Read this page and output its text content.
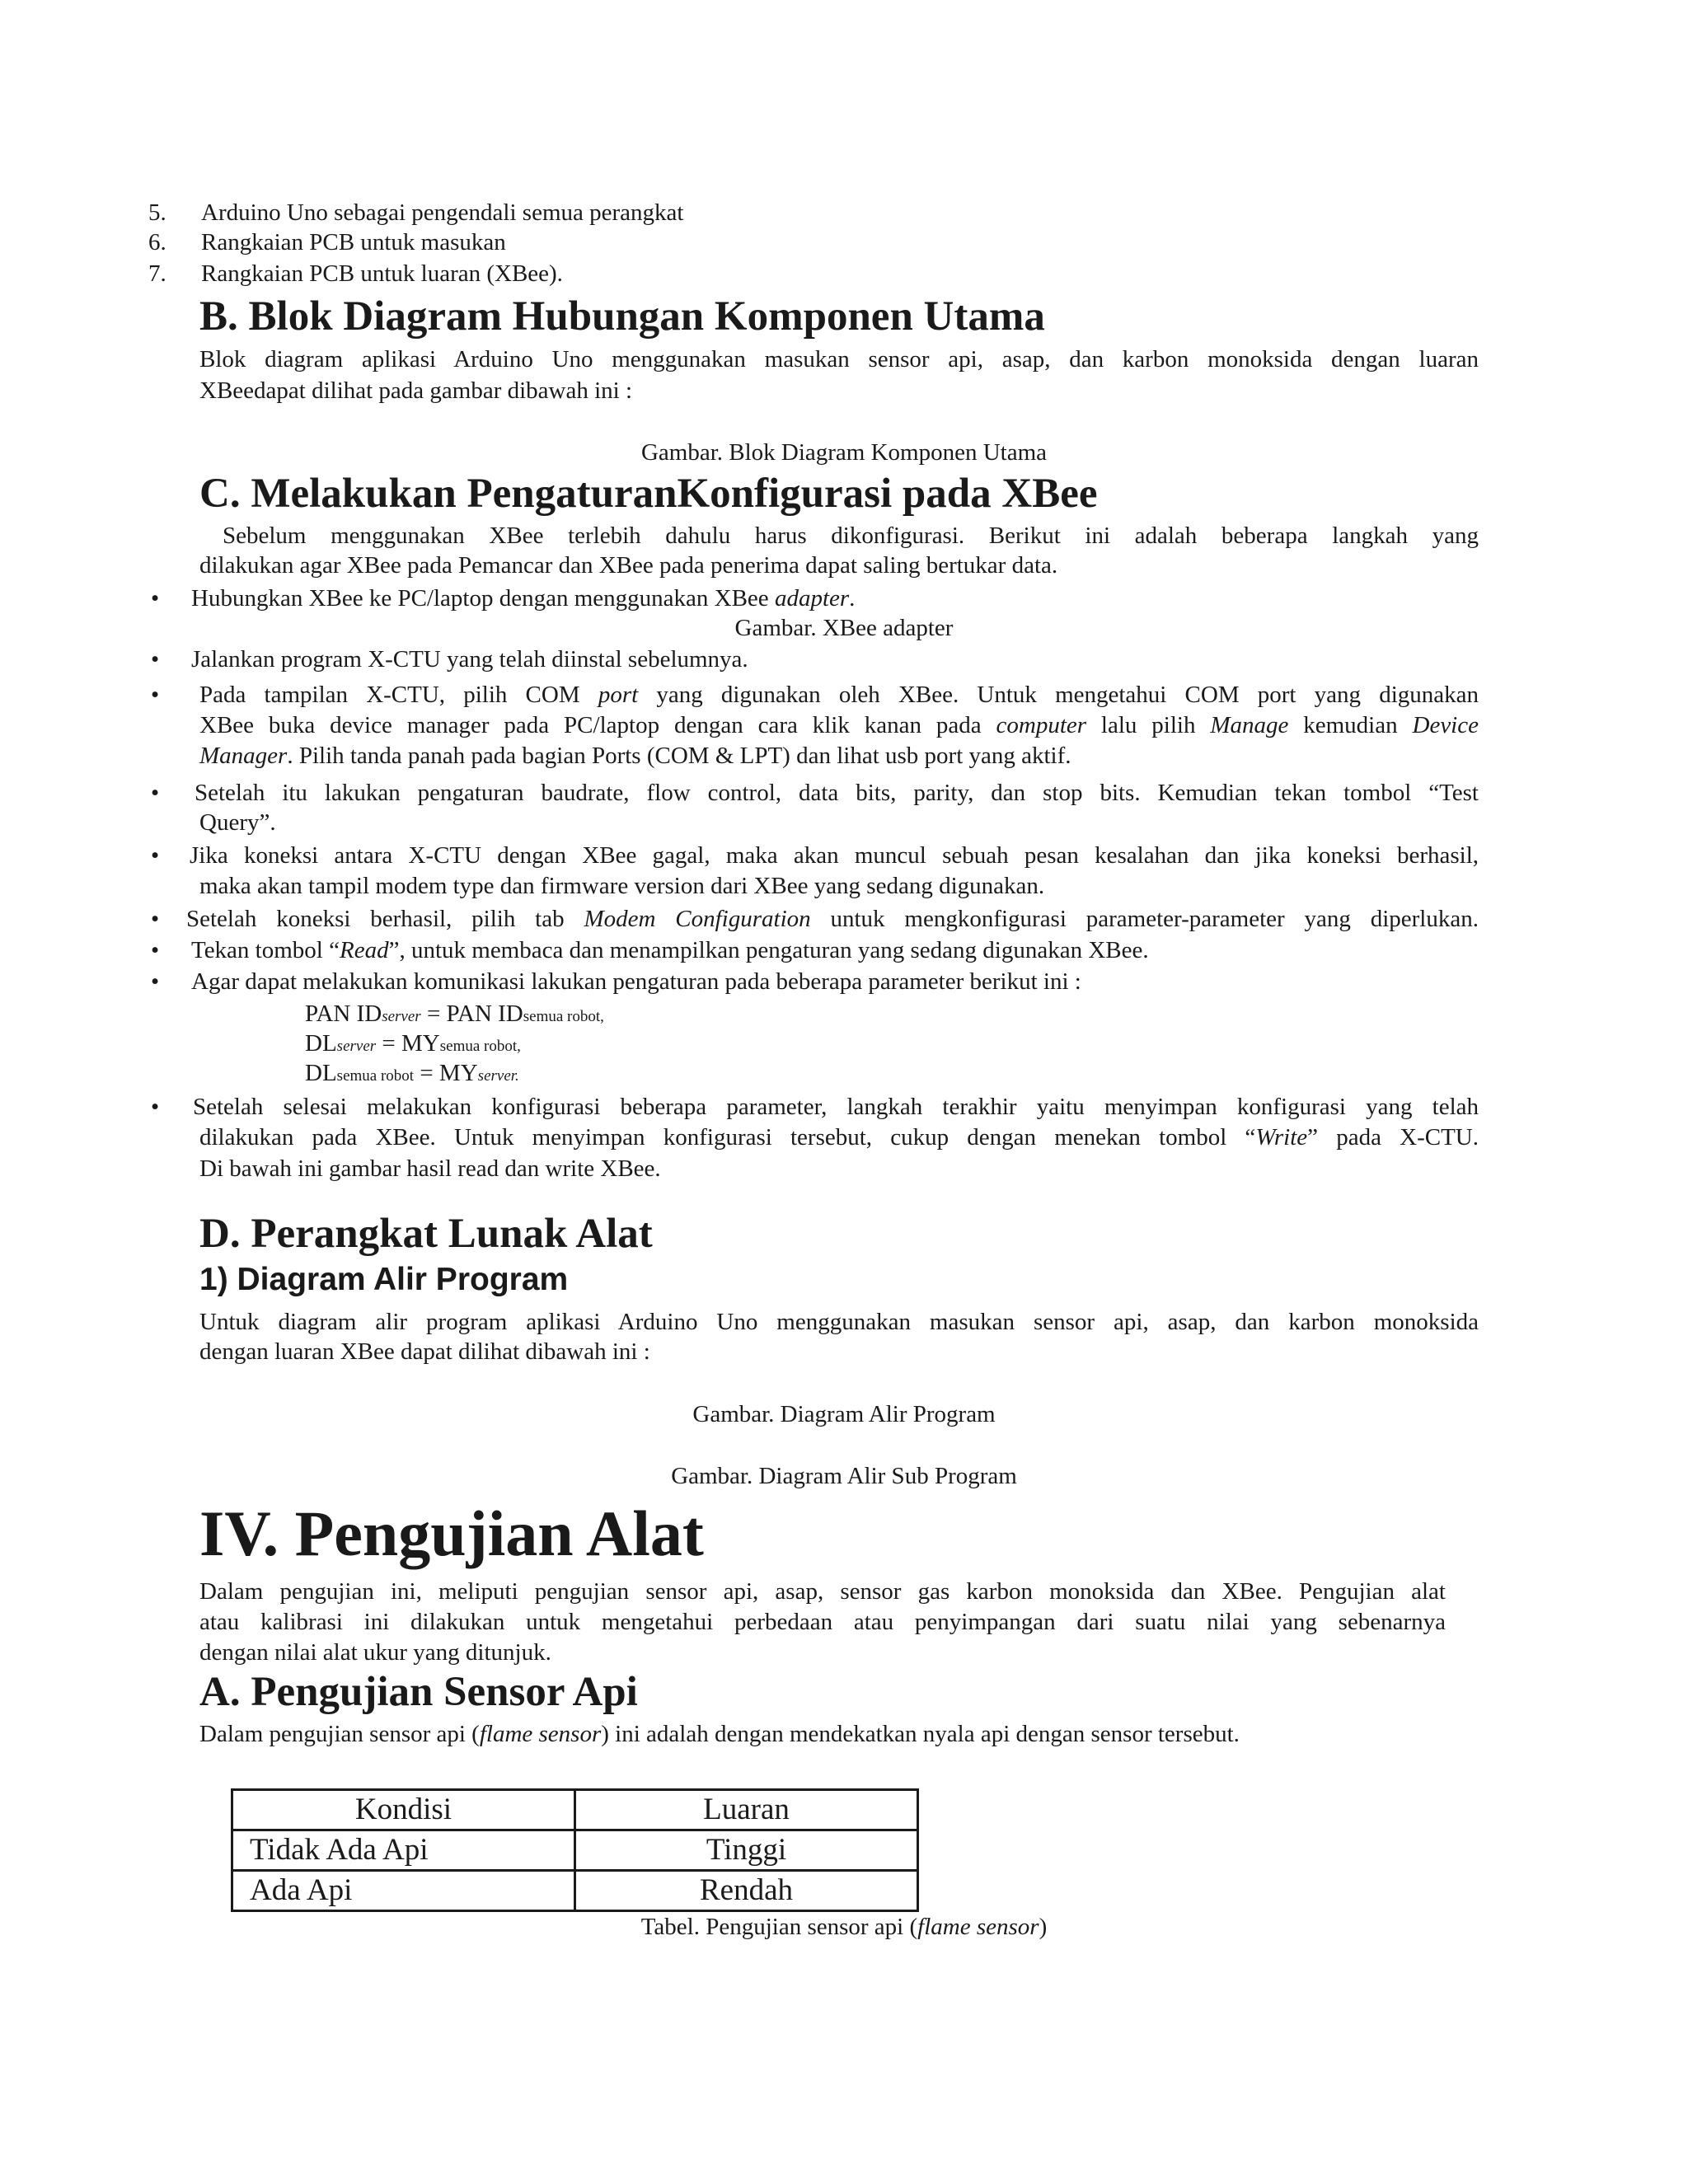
5. Arduino Uno sebagai pengendali semua perangkat
6. Rangkaian PCB untuk masukan
7. Rangkaian PCB untuk luaran (XBee).
B. Blok Diagram Hubungan Komponen Utama
Blok diagram aplikasi Arduino Uno menggunakan masukan sensor api, asap, dan karbon monoksida dengan luaran
XBeedapat dilihat pada gambar dibawah ini :
Gambar. Blok Diagram Komponen Utama
C. Melakukan PengaturanKonfigurasi pada XBee
Sebelum menggunakan XBee terlebih dahulu harus dikonfigurasi. Berikut ini adalah beberapa langkah yang
dilakukan agar XBee pada Pemancar dan XBee pada penerima dapat saling bertukar data.
• Hubungkan XBee ke PC/laptop dengan menggunakan XBee adapter.
Gambar. XBee adapter
• Jalankan program X-CTU yang telah diinstal sebelumnya.
• Pada tampilan X-CTU, pilih COM port yang digunakan oleh XBee. Untuk mengetahui COM port yang digunakan
XBee buka device manager pada PC/laptop dengan cara klik kanan pada computer lalu pilih Manage kemudian Device
Manager. Pilih tanda panah pada bagian Ports (COM & LPT) dan lihat usb port yang aktif.
• Setelah itu lakukan pengaturan baudrate, flow control, data bits, parity, dan stop bits. Kemudian tekan tombol “Test
Query”.
• Jika koneksi antara X-CTU dengan XBee gagal, maka akan muncul sebuah pesan kesalahan dan jika koneksi berhasil,
maka akan tampil modem type dan firmware version dari XBee yang sedang digunakan.
• Setelah koneksi berhasil, pilih tab Modem Configuration untuk mengkonfigurasi parameter-parameter yang diperlukan.
• Tekan tombol “Read”, untuk membaca dan menampilkan pengaturan yang sedang digunakan XBee.
• Agar dapat melakukan komunikasi lakukan pengaturan pada beberapa parameter berikut ini :
PAN IDserver = PAN IDsemua robot,
DLserver = MYsemua robot,
DLsemua robot = MYserver.
• Setelah selesai melakukan konfigurasi beberapa parameter, langkah terakhir yaitu menyimpan konfigurasi yang telah
dilakukan pada XBee. Untuk menyimpan konfigurasi tersebut, cukup dengan menekan tombol “Write” pada X-CTU.
Di bawah ini gambar hasil read dan write XBee.
D. Perangkat Lunak Alat
1) Diagram Alir Program
Untuk diagram alir program aplikasi Arduino Uno menggunakan masukan sensor api, asap, dan karbon monoksida
dengan luaran XBee dapat dilihat dibawah ini :
Gambar. Diagram Alir Program
Gambar. Diagram Alir Sub Program
IV. Pengujian Alat
Dalam pengujian ini, meliputi pengujian sensor api, asap, sensor gas karbon monoksida dan XBee. Pengujian alat
atau kalibrasi ini dilakukan untuk mengetahui perbedaan atau penyimpangan dari suatu nilai yang sebenarnya
dengan nilai alat ukur yang ditunjuk.
A. Pengujian Sensor Api
Dalam pengujian sensor api (flame sensor) ini adalah dengan mendekatkan nyala api dengan sensor tersebut.
Kondisi	Luaran
Tidak Ada Api	Tinggi
Ada Api	Rendah
Tabel. Pengujian sensor api (flame sensor)
